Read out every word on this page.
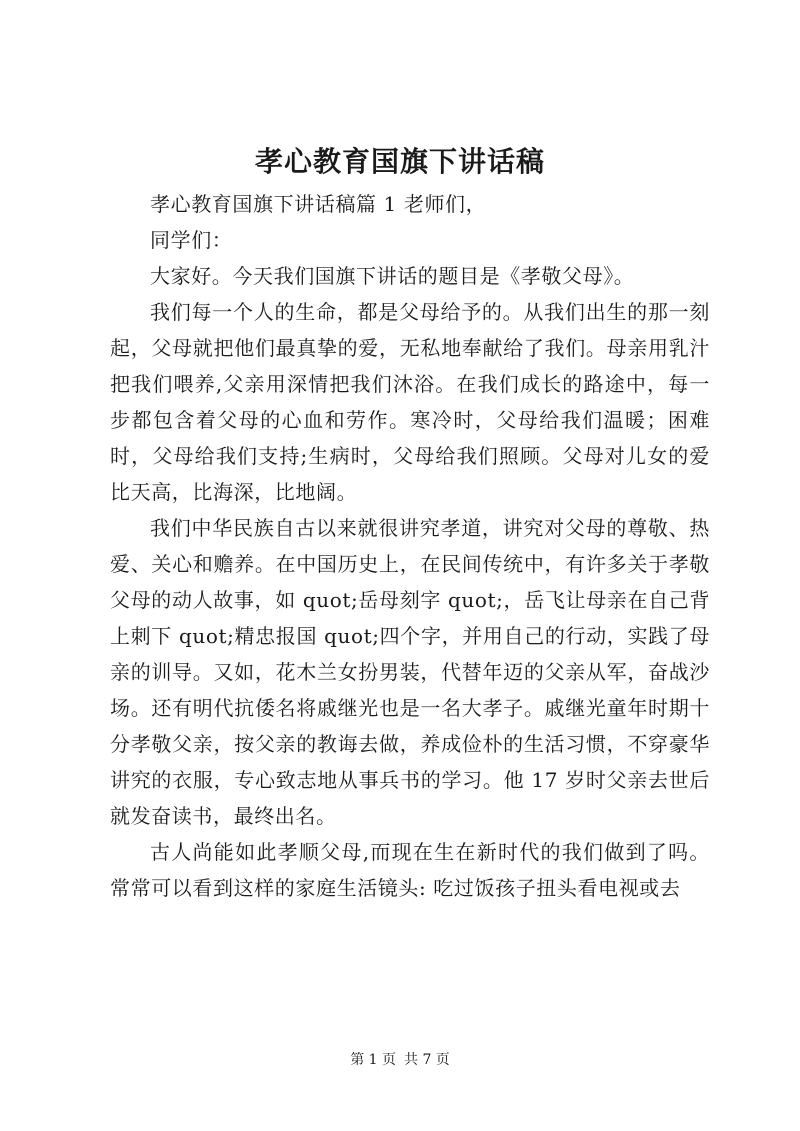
孝心教育国旗下讲话稿

孝心教育国旗下讲话稿篇 1 老师们，

同学们：

大家好。今天我们国旗下讲话的题目是《孝敬父母》。

我们每一个人的生命，都是父母给予的。从我们出生的那一刻起，父母就把他们最真挚的爱，无私地奉献给了我们。母亲用乳汁把我们喂养,父亲用深情把我们沐浴。在我们成长的路途中，每一步都包含着父母的心血和劳作。寒冷时，父母给我们温暖；困难时，父母给我们支持;生病时，父母给我们照顾。父母对儿女的爱比天高，比海深，比地阔。

我们中华民族自古以来就很讲究孝道，讲究对父母的尊敬、热爱、关心和赡养。在中国历史上，在民间传统中，有许多关于孝敬父母的动人故事，如 quot;岳母刻字 quot;，岳飞让母亲在自己背上刺下 quot;精忠报国 quot;四个字，并用自己的行动，实践了母亲的训导。又如，花木兰女扮男装，代替年迈的父亲从军，奋战沙场。还有明代抗倭名将戚继光也是一名大孝子。戚继光童年时期十分孝敬父亲，按父亲的教诲去做，养成俭朴的生活习惯，不穿豪华讲究的衣服，专心致志地从事兵书的学习。他 17 岁时父亲去世后就发奋读书，最终出名。

古人尚能如此孝顺父母,而现在生在新时代的我们做到了吗。常常可以看到这样的家庭生活镜头: 吃过饭孩子扭头看电视或去

第 1 页 共 7 页
